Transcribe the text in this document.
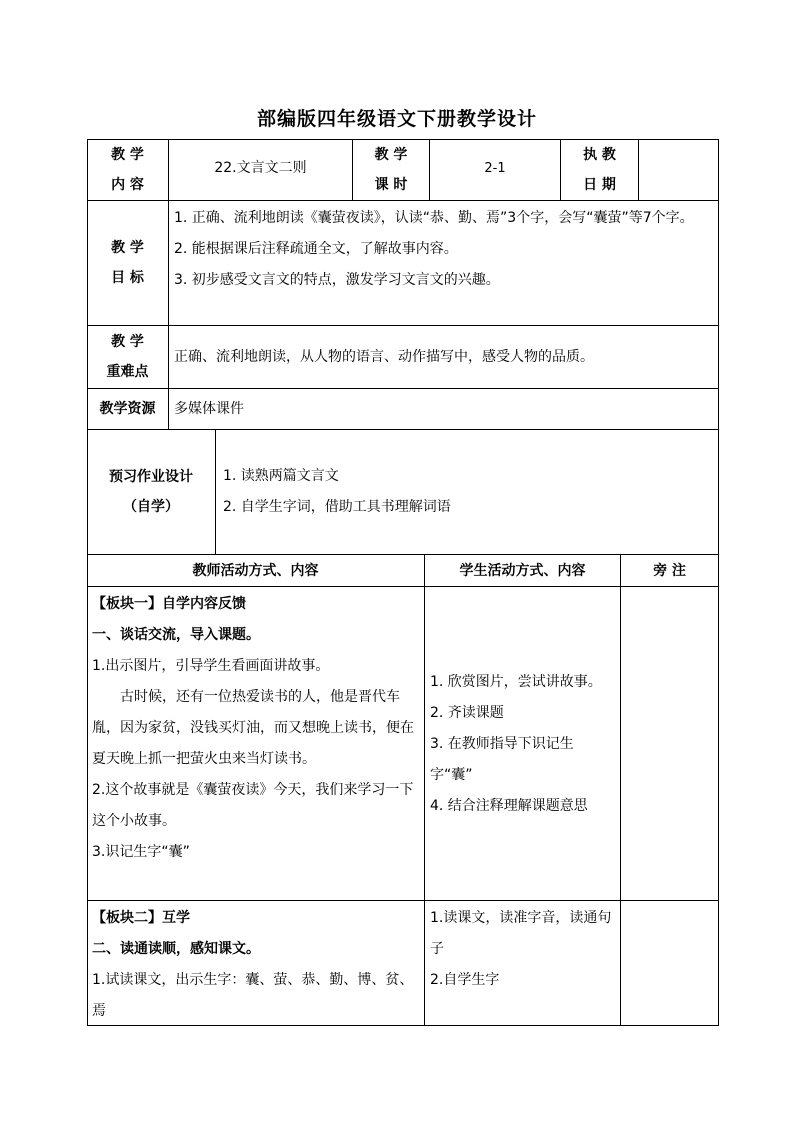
部编版四年级语文下册教学设计
教 学
内 容
22.文言文二则
教 学
课 时
2-1
执 教
日 期
教 学
目 标

1. 正确、流利地朗读《囊萤夜读》，认读“恭、勤、焉”3个字，会写“囊萤”等7个字。

2. 能根据课后注释疏通全文，了解故事内容。

3. 初步感受文言文的特点，激发学习文言文的兴趣。

教 学
重难点
正确、流利地朗读，从人物的语言、动作描写中，感受人物的品质。
教学资源 多媒体课件
预习作业设计
（自学）

1. 读熟两篇文言文

2. 自学生字词，借助工具书理解词语

教师活动方式、内容	学生活动方式、内容	旁 注

【板块一】自学内容反馈

一、谈话交流，导入课题。

1.出示图片，引导学生看画面讲故事。

古时候，还有一位热爱读书的人，他是晋代车胤，因为家贫，没钱买灯油，而又想晚上读书，便在夏天晚上抓一把萤火虫来当灯读书。

2.这个故事就是《囊萤夜读》今天，我们来学习一下这个小故事。

3.识记生字“囊”

1. 欣赏图片，尝试讲故事。

2. 齐读课题

3. 在教师指导下识记生字“囊”

4. 结合注释理解课题意思

【板块二】互学

二、读通读顺，感知课文。

1.试读课文，出示生字：囊、萤、恭、勤、博、贫、焉

1.读课文，读准字音，读通句子

2.自学生字
